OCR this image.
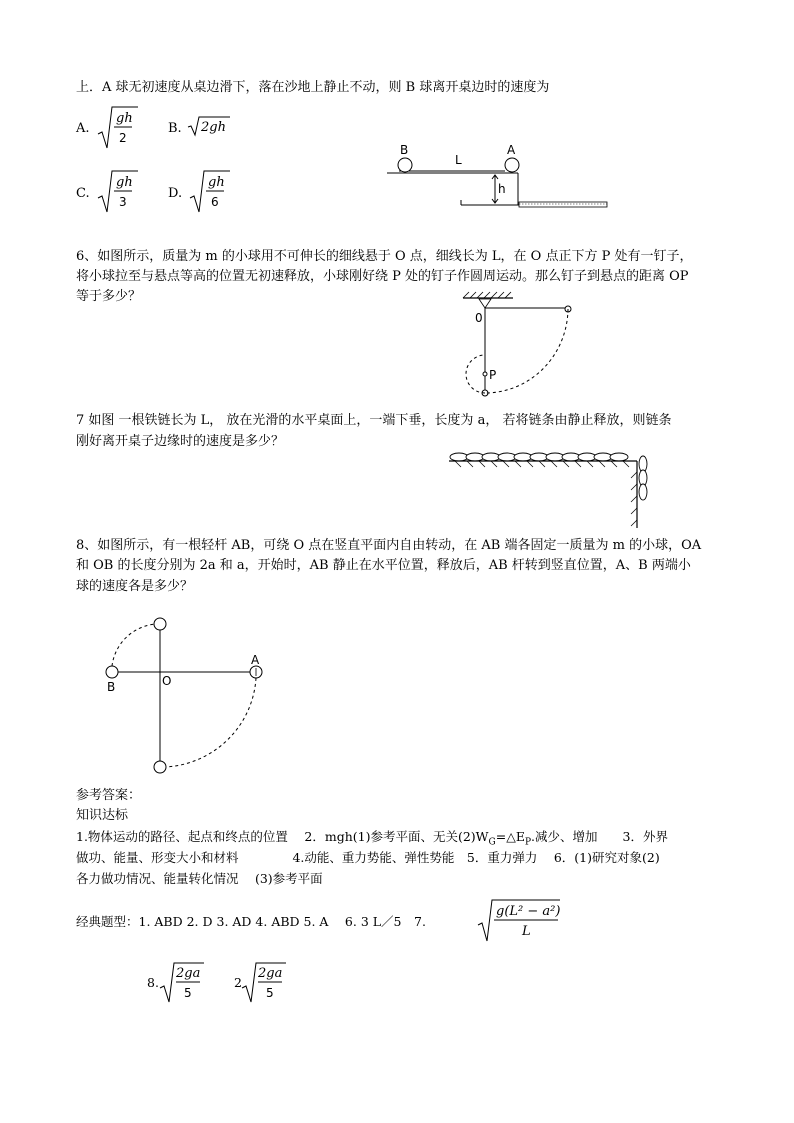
上．A 球无初速度从桌边滑下，落在沙地上静止不动，则 B 球离开桌边时的速度为
A.
gh
2
B. 2gh
C.
gh
3
D.
gh
6
B	A
L
h
6、如图所示，质量为 m 的小球用不可伸长的细线悬于 O 点，细线长为 L，在 O 点正下方 P 处有一钉子，
将小球拉至与悬点等高的位置无初速释放，小球刚好绕 P 处的钉子作圆周运动。那么钉子到悬点的距离 OP
等于多少？
0
P
7 如图 一根铁链长为 L， 放在光滑的水平桌面上，一端下垂，长度为 a， 若将链条由静止释放，则链条
刚好离开桌子边缘时的速度是多少？
8、如图所示，有一根轻杆 AB，可绕 O 点在竖直平面内自由转动，在 AB 端各固定一质量为 m 的小球，OA
和 OB 的长度分别为 2a 和 a，开始时，AB 静止在水平位置，释放后，AB 杆转到竖直位置，A、B 两端小
球的速度各是多少？
A
B	O
参考答案：
知识达标
1.物体运动的路径、起点和终点的位置　 2．mgh(1)参考平面、无关$(2)W_G=\triangle E_P$.减少、增加　　3．外界
做功、能量、形变大小和材料　　　　 4.动能、重力势能、弹性势能　5．重力弹力　 6．(1)研究对象(2)
各力做功情况、能量转化情况　 (3)参考平面
经典题型：1. ABD 2. D 3. AD 4. ABD 5. A　 6. 3 L／5　7.
g(L² − a²)
L
8.
2ga
5
2
2ga
5
